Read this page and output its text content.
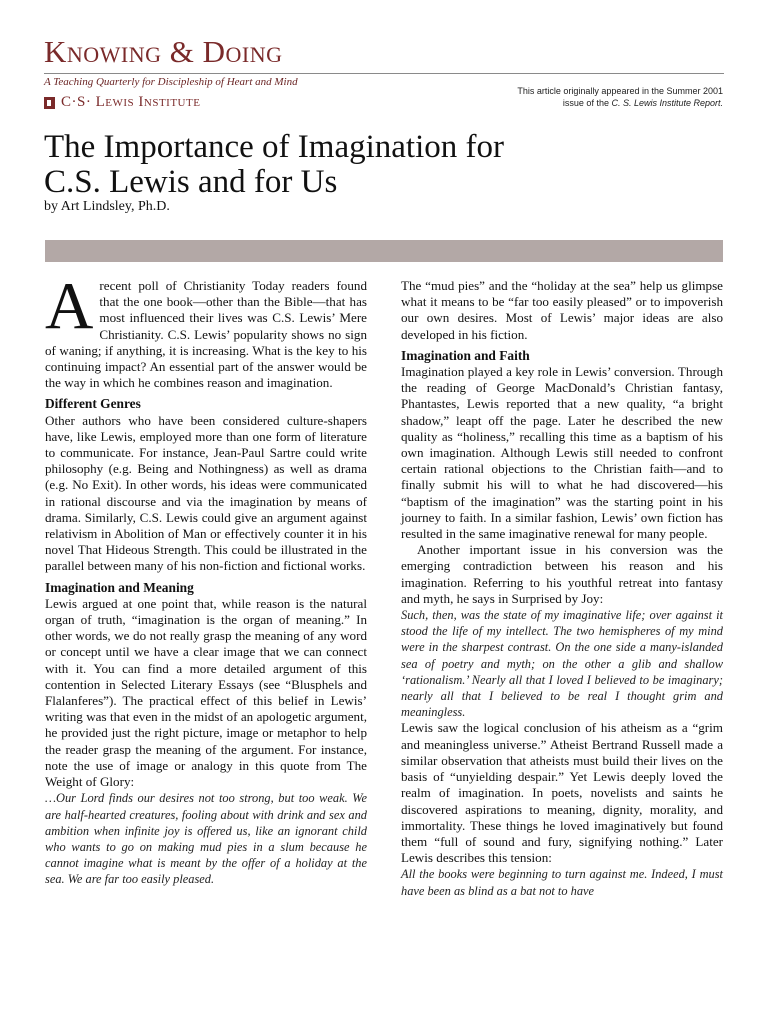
Knowing & Doing
A Teaching Quarterly for Discipleship of Heart and Mind
C·S· Lewis Institute
This article originally appeared in the Summer 2001
issue of the C. S. Lewis Institute Report.
The Importance of Imagination for
C.S. Lewis and for Us
by Art Lindsley, Ph.D.

A recent poll of Christianity Today readers found that the one book—other than the Bible—that has most influenced their lives was C.S. Lewis’ Mere Christianity. C.S. Lewis’ popularity shows no sign of waning; if anything, it is increasing. What is the key to his continuing impact? An essential part of the answer would be the way in which he combines reason and imagination.

Different Genres

Other authors who have been considered culture-shapers have, like Lewis, employed more than one form of literature to communicate. For instance, Jean-Paul Sartre could write philosophy (e.g. Being and Nothingness) as well as drama (e.g. No Exit). In other words, his ideas were communicated in rational discourse and via the imagination by means of drama. Similarly, C.S. Lewis could give an argument against relativism in Abolition of Man or effectively counter it in his novel That Hideous Strength. This could be illustrated in the parallel between many of his non-fiction and fictional works.

Imagination and Meaning

Lewis argued at one point that, while reason is the natural organ of truth, “imagination is the organ of meaning.” In other words, we do not really grasp the meaning of any word or concept until we have a clear image that we can connect with it. You can find a more detailed argument of this contention in Selected Literary Essays (see “Blusphels and Flalanferes”). The practical effect of this belief in Lewis’ writing was that even in the midst of an apologetic argument, he provided just the right picture, image or metaphor to help the reader grasp the meaning of the argument. For instance, note the use of image or analogy in this quote from The Weight of Glory:

…Our Lord finds our desires not too strong, but too weak. We are half-hearted creatures, fooling about with drink and sex and ambition when infinite joy is offered us, like an ignorant child who wants to go on making mud pies in a slum because he cannot imagine what is meant by the offer of a holiday at the sea. We are far too easily pleased.

The “mud pies” and the “holiday at the sea” help us glimpse what it means to be “far too easily pleased” or to impoverish our own desires. Most of Lewis’ major ideas are also developed in his fiction.

Imagination and Faith

Imagination played a key role in Lewis’ conversion. Through the reading of George MacDonald’s Christian fantasy, Phantastes, Lewis reported that a new quality, “a bright shadow,” leapt off the page. Later he described the new quality as “holiness,” recalling this time as a baptism of his own imagination. Although Lewis still needed to confront certain rational objections to the Christian faith—and to finally submit his will to what he had discovered—his “baptism of the imagination” was the starting point in his journey to faith. In a similar fashion, Lewis’ own fiction has resulted in the same imaginative renewal for many people.

Another important issue in his conversion was the emerging contradiction between his reason and his imagination. Referring to his youthful retreat into fantasy and myth, he says in Surprised by Joy:

Such, then, was the state of my imaginative life; over against it stood the life of my intellect. The two hemispheres of my mind were in the sharpest contrast. On the one side a many-islanded sea of poetry and myth; on the other a glib and shallow ‘rationalism.’ Nearly all that I loved I believed to be imaginary; nearly all that I believed to be real I thought grim and meaningless.

Lewis saw the logical conclusion of his atheism as a “grim and meaningless universe.” Atheist Bertrand Russell made a similar observation that atheists must build their lives on the basis of “unyielding despair.” Yet Lewis deeply loved the realm of imagination. In poets, novelists and saints he discovered aspirations to meaning, dignity, morality, and immortality. These things he loved imaginatively but found them “full of sound and fury, signifying nothing.” Later Lewis describes this tension:

All the books were beginning to turn against me. Indeed, I must have been as blind as a bat not to have
